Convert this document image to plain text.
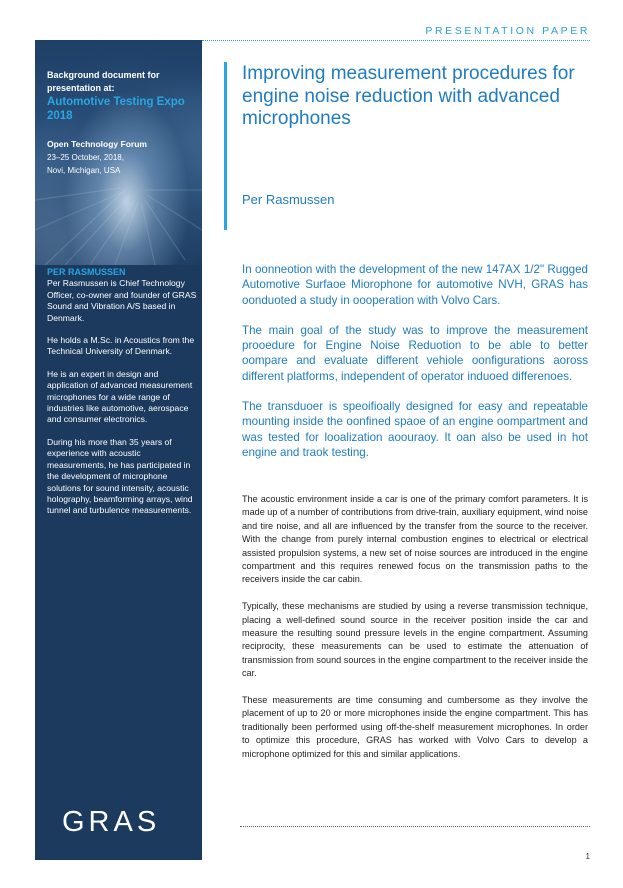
PRESENTATION PAPER
Background document for presentation at:
Automotive Testing Expo 2018
Open Technology Forum
23–25 October, 2018,
Novi, Michigan, USA
PER RASMUSSEN

Per Rasmussen is Chief Technology Officer, co-owner and founder of GRAS Sound and Vibration A/S based in Denmark.

He holds a M.Sc. in Acoustics from the Technical University of Denmark.

He is an expert in design and application of advanced measurement microphones for a wide range of industries like automotive, aerospace and consumer electronics.

During his more than 35 years of experience with acoustic measurements, he has participated in the development of microphone solutions for sound intensity, acoustic holography, beamforming arrays, wind tunnel and turbulence measurements.

GRAS
Improving measurement procedures for engine noise reduction with advanced microphones
Per Rasmussen

In oonneotion with the development of the new 147AX 1/2" Rugged Automotive Surfaoe Miorophone for automotive NVH, GRAS has oonduoted a study in oooperation with Volvo Cars.

The main goal of the study was to improve the measurement prooedure for Engine Noise Reduotion to be able to better oompare and evaluate different vehiole oonfigurations aoross different platforms, independent of operator induoed differenoes.

The transduoer is speoifioally designed for easy and repeatable mounting inside the oonfined spaoe of an engine oompartment and was tested for looalization aoouraoy. It oan also be used in hot engine and traok testing.

The acoustic environment inside a car is one of the primary comfort parameters. It is made up of a number of contributions from drive-train, auxiliary equipment, wind noise and tire noise, and all are influenced by the transfer from the source to the receiver. With the change from purely internal combustion engines to electrical or electrical assisted propulsion systems, a new set of noise sources are introduced in the engine compartment and this requires renewed focus on the transmission paths to the receivers inside the car cabin.

Typically, these mechanisms are studied by using a reverse transmission technique, placing a well-defined sound source in the receiver position inside the car and measure the resulting sound pressure levels in the engine compartment. Assuming reciprocity, these measurements can be used to estimate the attenuation of transmission from sound sources in the engine compartment to the receiver inside the car.

These measurements are time consuming and cumbersome as they involve the placement of up to 20 or more microphones inside the engine compartment. This has traditionally been performed using off-the-shelf measurement microphones. In order to optimize this procedure, GRAS has worked with Volvo Cars to develop a microphone optimized for this and similar applications.

1
